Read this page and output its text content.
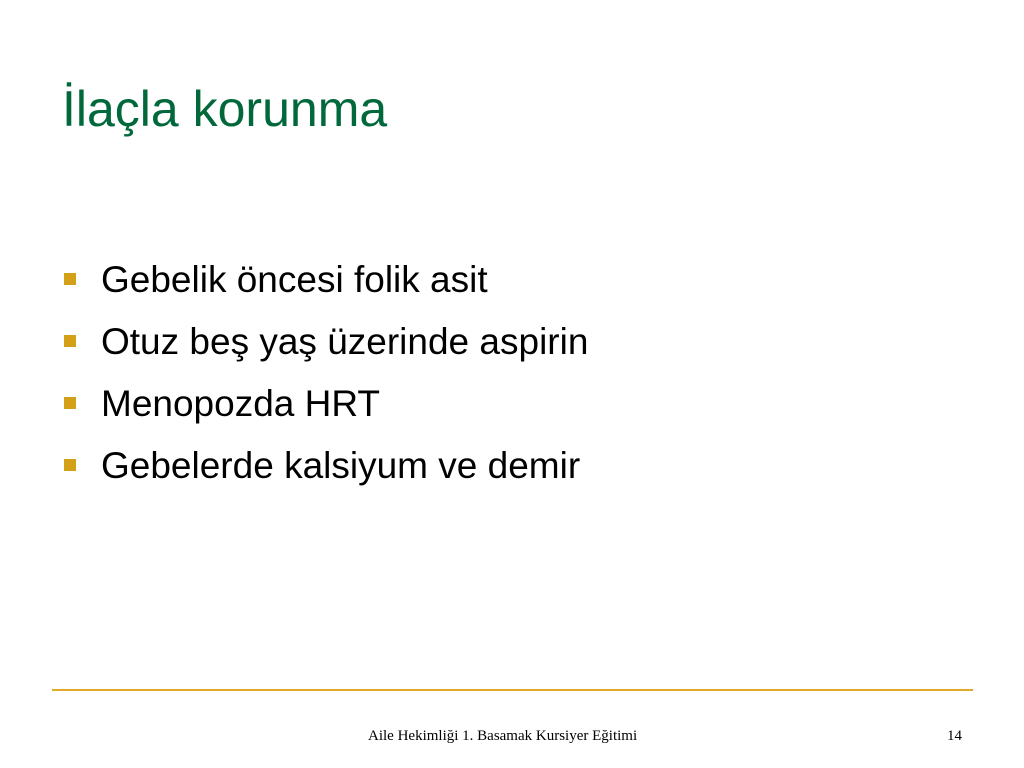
İlaçla korunma
Gebelik öncesi folik asit
Otuz beş yaş üzerinde aspirin
Menopozda HRT
Gebelerde kalsiyum ve demir
Aile Hekimliği 1. Basamak Kursiyer Eğitimi	14
